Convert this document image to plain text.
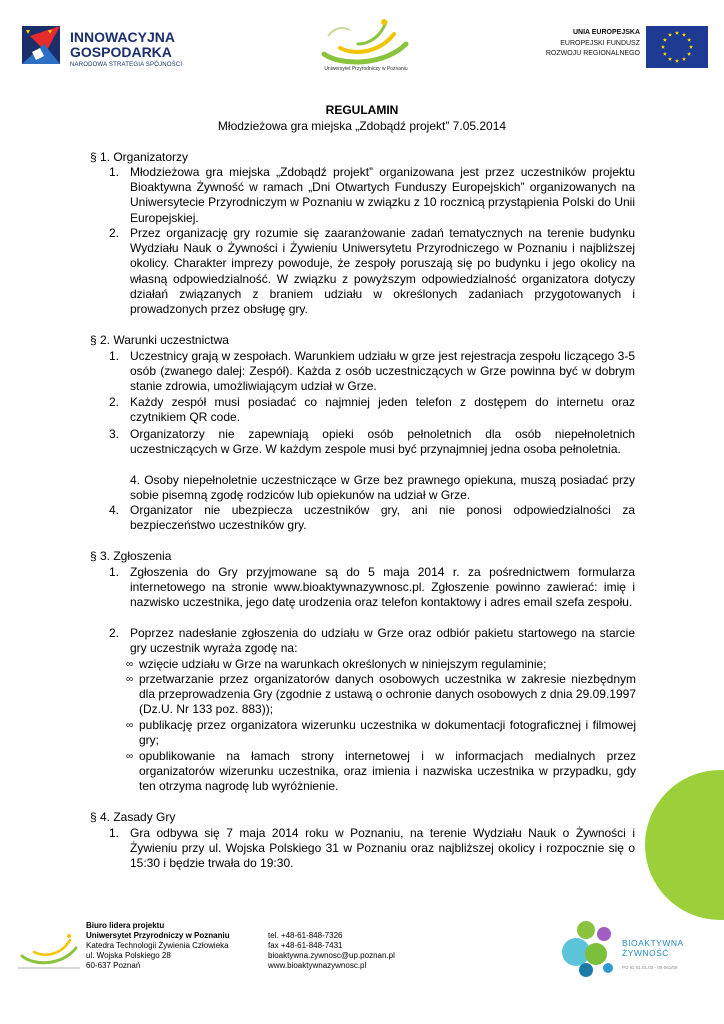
INNOWACYJNA
GOSPODARKA
NARODOWA STRATEGIA SPÓJNOŚCI
Uniwersytet Przyrodniczy w Poznaniu
UNIA EUROPEJSKA
EUROPEJSKI FUNDUSZ
ROZWOJU REGIONALNEGO
REGULAMIN
Młodzieżowa gra miejska „Zdobądź projekt” 7.05.2014
§ 1. Organizatorzy
1. Młodzieżowa gra miejska „Zdobądź projekt” organizowana jest przez uczestników projektu Bioaktywna Żywność w ramach „Dni Otwartych Funduszy Europejskich” organizowanych na Uniwersytecie Przyrodniczym w Poznaniu w związku z 10 rocznicą przystąpienia Polski do Unii Europejskiej.
2. Przez organizację gry rozumie się zaaranżowanie zadań tematycznych na terenie budynku Wydziału Nauk o Żywności i Żywieniu Uniwersytetu Przyrodniczego w Poznaniu i najbliższej okolicy. Charakter imprezy powoduje, że zespoły poruszają się po budynku i jego okolicy na własną odpowiedzialność. W związku z powyższym odpowiedzialność organizatora dotyczy działań związanych z braniem udziału w określonych zadaniach przygotowanych i prowadzonych przez obsługę gry.
§ 2. Warunki uczestnictwa
1. Uczestnicy grają w zespołach. Warunkiem udziału w grze jest rejestracja zespołu liczącego 3-5 osób (zwanego dalej: Zespół). Każda z osób uczestniczących w Grze powinna być w dobrym stanie zdrowia, umożliwiającym udział w Grze.
2. Każdy zespół musi posiadać co najmniej jeden telefon z dostępem do internetu oraz czytnikiem QR code.
3. Organizatorzy nie zapewniają opieki osób pełnoletnich dla osób niepełnoletnich uczestniczących w Grze. W każdym zespole musi być przynajmniej jedna osoba pełnoletnia.
4. Osoby niepełnoletnie uczestniczące w Grze bez prawnego opiekuna, muszą posiadać przy sobie pisemną zgodę rodziców lub opiekunów na udział w Grze.
4. Organizator nie ubezpiecza uczestników gry, ani nie ponosi odpowiedzialności za bezpieczeństwo uczestników gry.
§ 3. Zgłoszenia
1. Zgłoszenia do Gry przyjmowane są do 5 maja 2014 r. za pośrednictwem formularza internetowego na stronie www.bioaktywnazywnosc.pl. Zgłoszenie powinno zawierać: imię i nazwisko uczestnika, jego datę urodzenia oraz telefon kontaktowy i adres email szefa zespołu.
2. Poprzez nadesłanie zgłoszenia do udziału w Grze oraz odbiór pakietu startowego na starcie gry uczestnik wyraża zgodę na:
∞ wzięcie udziału w Grze na warunkach określonych w niniejszym regulaminie;
∞ przetwarzanie przez organizatorów danych osobowych uczestnika w zakresie niezbędnym dla przeprowadzenia Gry (zgodnie z ustawą o ochronie danych osobowych z dnia 29.09.1997 (Dz.U. Nr 133 poz. 883));
∞ publikację przez organizatora wizerunku uczestnika w dokumentacji fotograficznej i filmowej gry;
∞ opublikowanie na łamach strony internetowej i w informacjach medialnych przez organizatorów wizerunku uczestnika, oraz imienia i nazwiska uczestnika w przypadku, gdy ten otrzyma nagrodę lub wyróżnienie.
§ 4. Zasady Gry
1. Gra odbywa się 7 maja 2014 roku w Poznaniu, na terenie Wydziału Nauk o Żywności i Żywieniu przy ul. Wojska Polskiego 31 w Poznaniu oraz najbliższej okolicy i rozpocznie się o 15:30 i będzie trwała do 19:30.
Biuro lidera projektu
Uniwersytet Przyrodniczy w Poznaniu
Katedra Technologii Żywienia Człowieka
ul. Wojska Polskiego 28
60-637 Poznań
tel. +48-61-848-7326
fax +48-61-848-7431
bioaktywna.zywnosc@up.poznan.pl
www.bioaktywnazywnosc.pl
BIOAKTYWNA
ŻYWNOŚĆ
PO IG 01.01.02 - 00-061/09
